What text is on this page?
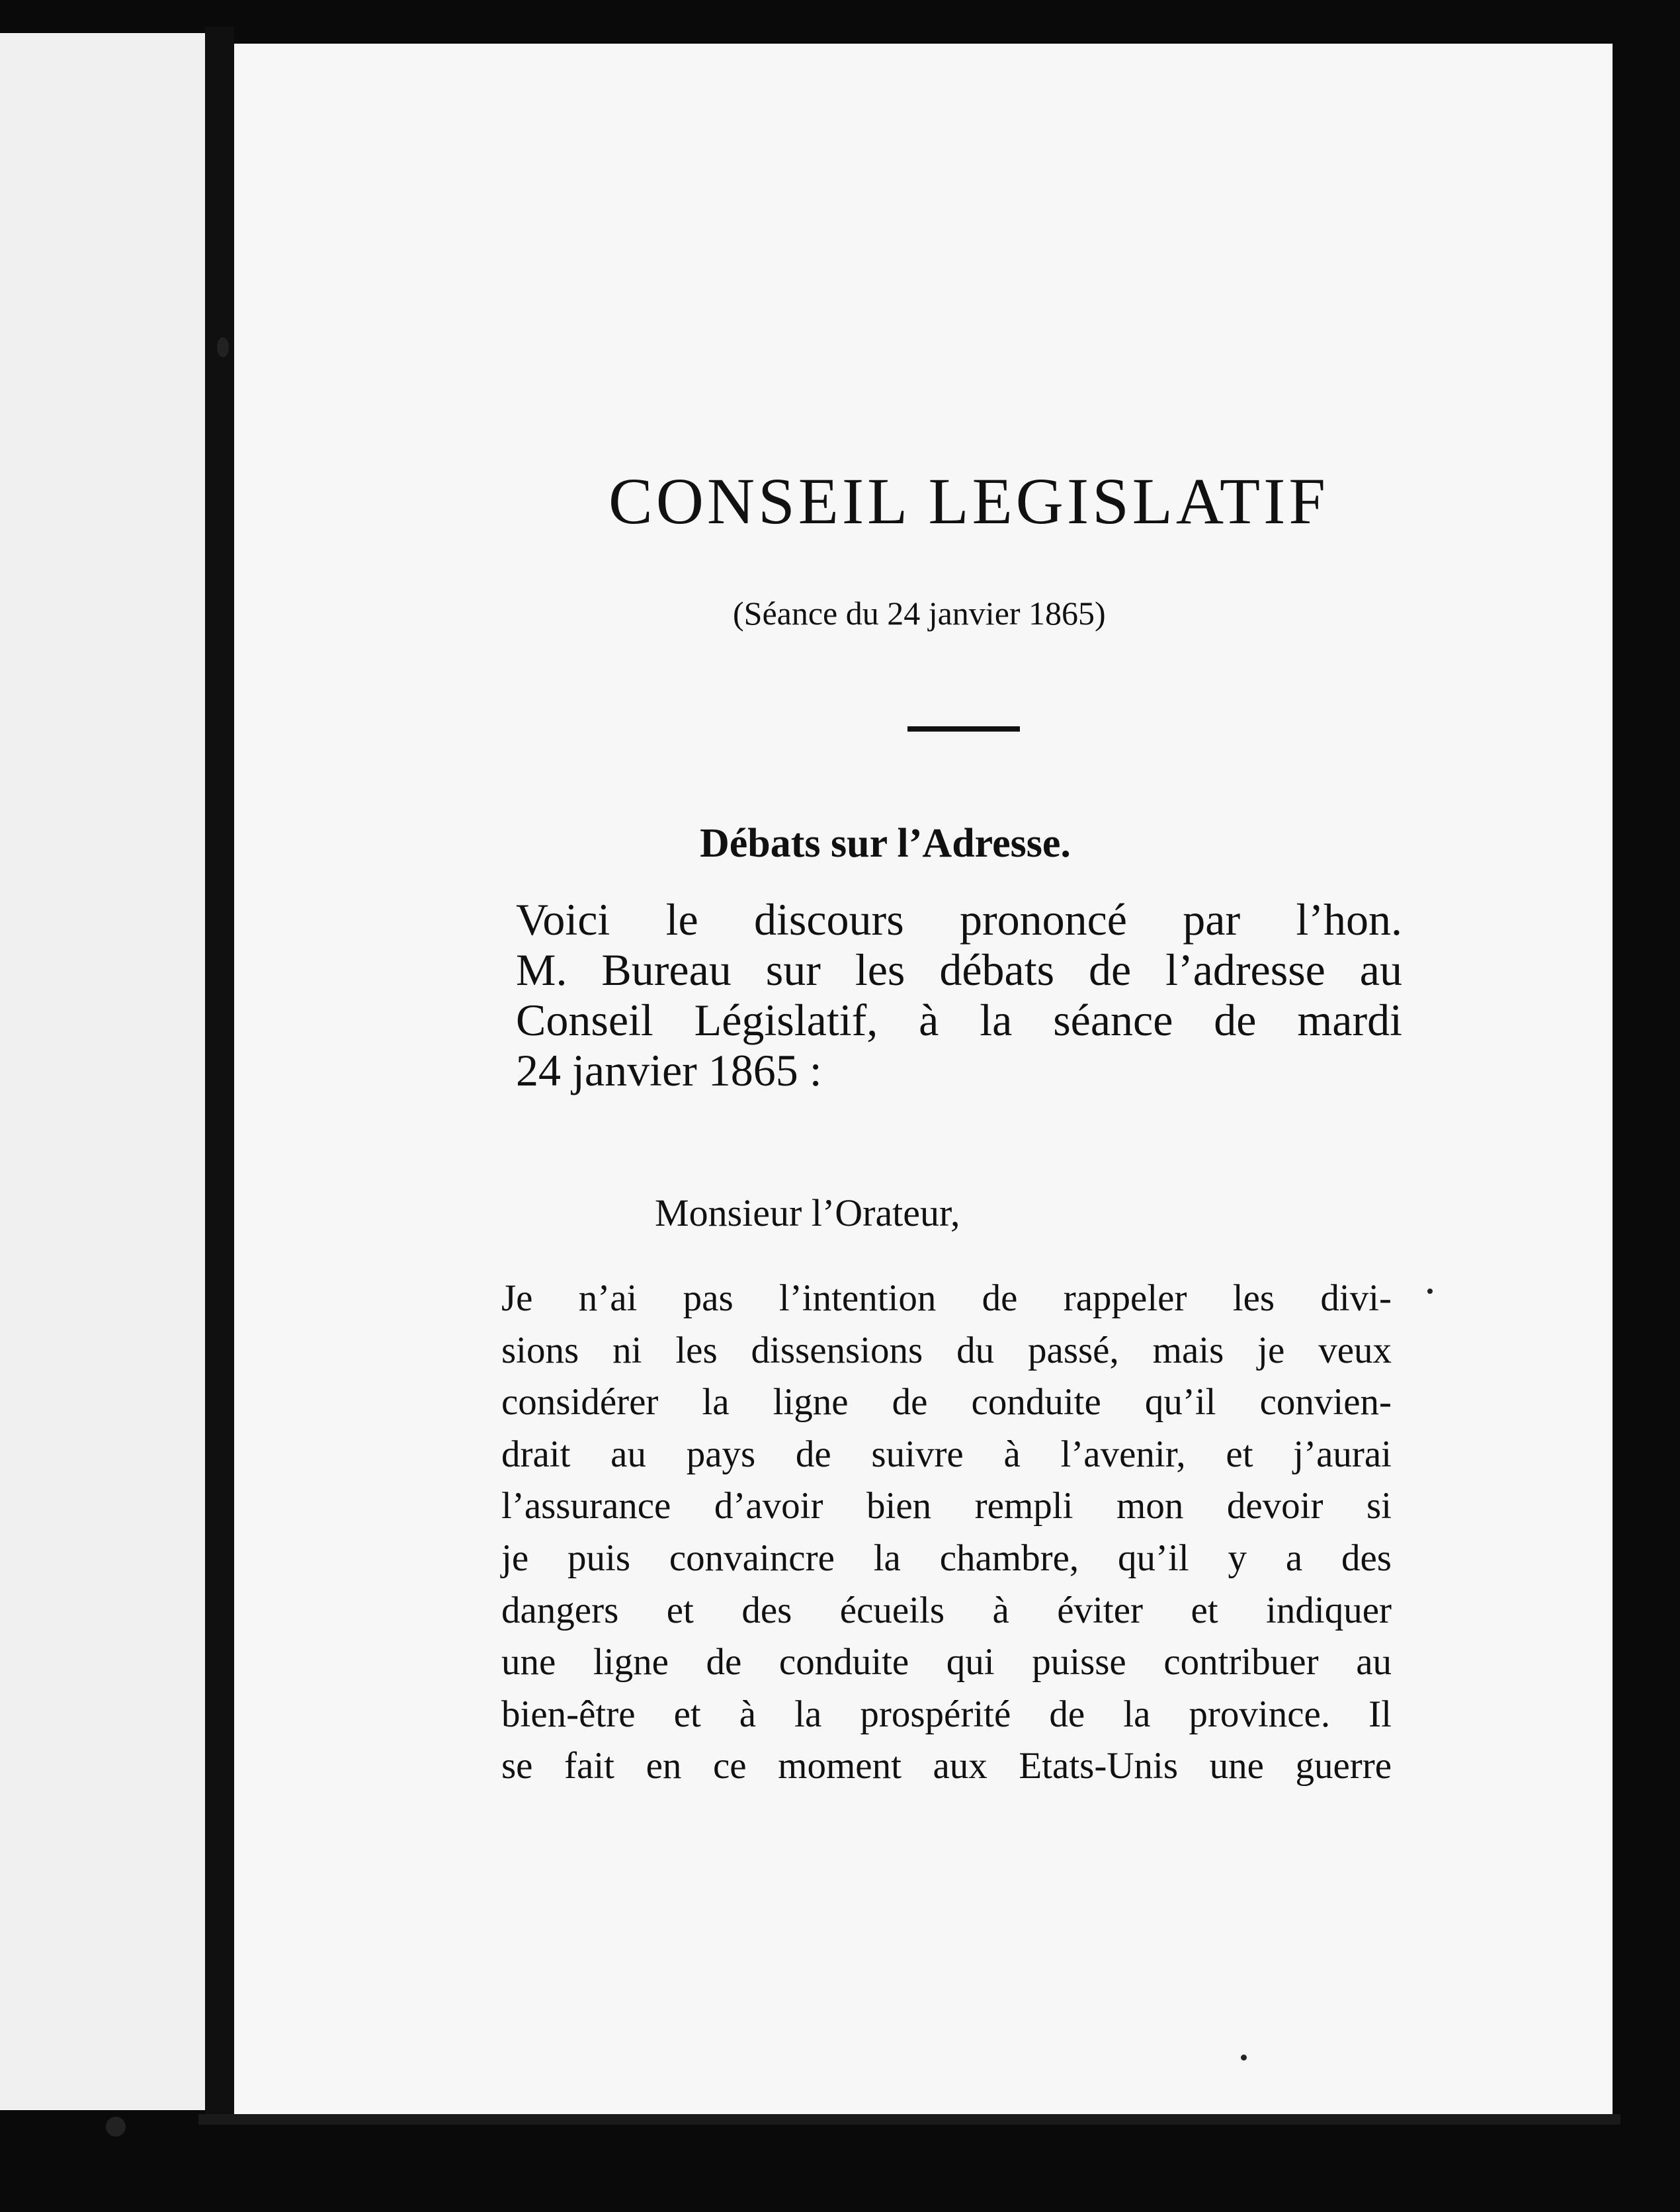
CONSEIL LEGISLATIF
(Séance du 24 janvier 1865)
Débats sur l’Adresse.
Voici le discours prononcé par l’hon.
M. Bureau sur les débats de l’adresse au
Conseil Législatif, à la séance de mardi
24 janvier 1865 :
Monsieur l’Orateur,
Je n’ai pas l’intention de rappeler les divi-
sions ni les dissensions du passé, mais je veux
considérer la ligne de conduite qu’il convien-
drait au pays de suivre à l’avenir, et j’aurai
l’assurance d’avoir bien rempli mon devoir si
je puis convaincre la chambre, qu’il y a des
dangers et des écueils à éviter et indiquer
une ligne de conduite qui puisse contribuer au
bien-être et à la prospérité de la province. Il
se fait en ce moment aux Etats-Unis une guerre
